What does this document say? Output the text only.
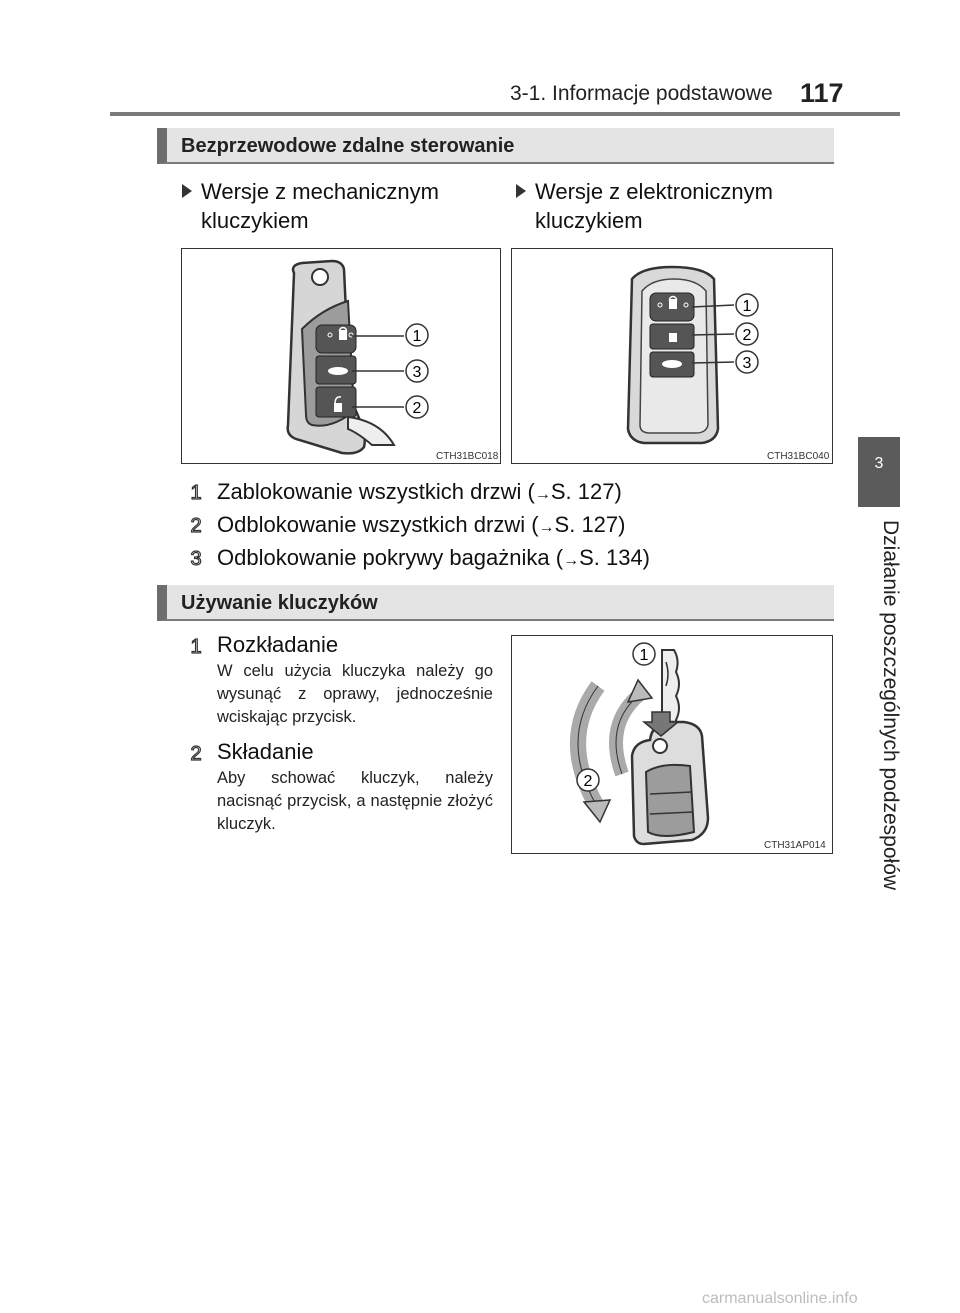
3-1. Informacje podstawowe 117
3
Działanie poszczególnych podzespołów
Bezprzewodowe zdalne sterowanie
Wersje z mechanicznym
kluczykiem
Wersje z elektronicznym
kluczykiem
1
3
2
CTH31BC018
1
2
3
CTH31BC040
1 Zablokowanie wszystkich drzwi (→S. 127)
2 Odblokowanie wszystkich drzwi (→S. 127)
3 Odblokowanie pokrywy bagażnika (→S. 134)
Używanie kluczyków
1 Rozkładanie
W celu użycia kluczyka należy go wysunąć z oprawy, jednocześnie wciskając przycisk.
2 Składanie
Aby schować kluczyk, należy nacisnąć przycisk, a następnie złożyć kluczyk.
1
2
CTH31AP014
carmanualsonline.info
